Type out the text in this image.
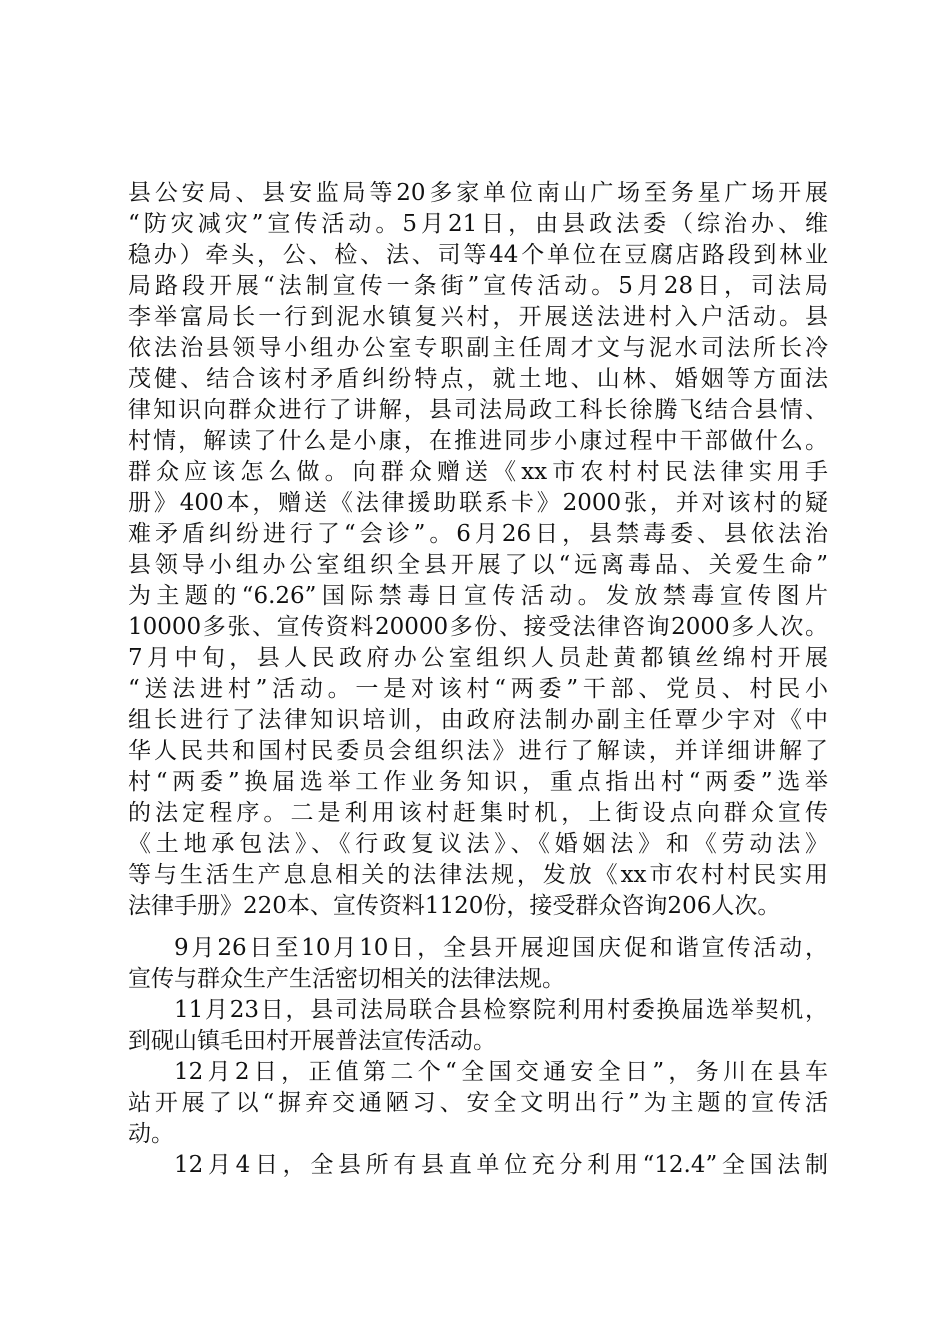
县公安局、县安监局等20多家单位南山广场至务星广场开展
“防灾减灾”宣传活动。5月21日，由县政法委（综治办、维
稳办）牵头，公、检、法、司等44个单位在豆腐店路段到林业
局路段开展“法制宣传一条街”宣传活动。5月28日，司法局
李举富局长一行到泥水镇复兴村，开展送法进村入户活动。县
依法治县领导小组办公室专职副主任周才文与泥水司法所长冷
茂健、结合该村矛盾纠纷特点，就土地、山林、婚姻等方面法
律知识向群众进行了讲解，县司法局政工科长徐腾飞结合县情、
村情，解读了什么是小康，在推进同步小康过程中干部做什么。
群众应该怎么做。向群众赠送《xx市农村村民法律实用手
册》400本，赠送《法律援助联系卡》2000张，并对该村的疑
难矛盾纠纷进行了“会诊”。6月26日，县禁毒委、县依法治
县领导小组办公室组织全县开展了以“远离毒品、关爱生命”
为主题的“6.26”国际禁毒日宣传活动。发放禁毒宣传图片
10000多张、宣传资料20000多份、接受法律咨询2000多人次。
7月中旬，县人民政府办公室组织人员赴黄都镇丝绵村开展
“送法进村”活动。一是对该村“两委”干部、党员、村民小
组长进行了法律知识培训，由政府法制办副主任覃少宇对《中
华人民共和国村民委员会组织法》进行了解读，并详细讲解了
村“两委”换届选举工作业务知识，重点指出村“两委”选举
的法定程序。二是利用该村赶集时机，上街设点向群众宣传
《土地承包法》、《行政复议法》、《婚姻法》和《劳动法》
等与生活生产息息相关的法律法规，发放《xx市农村村民实用
法律手册》220本、宣传资料1120份，接受群众咨询206人次。
9月26日至10月10日，全县开展迎国庆促和谐宣传活动，
宣传与群众生产生活密切相关的法律法规。
11月23日，县司法局联合县检察院利用村委换届选举契机，
到砚山镇毛田村开展普法宣传活动。
12月2日，正值第二个“全国交通安全日”，务川在县车
站开展了以“摒弃交通陋习、安全文明出行”为主题的宣传活
动。
12月4日，全县所有县直单位充分利用“12.4”全国法制
